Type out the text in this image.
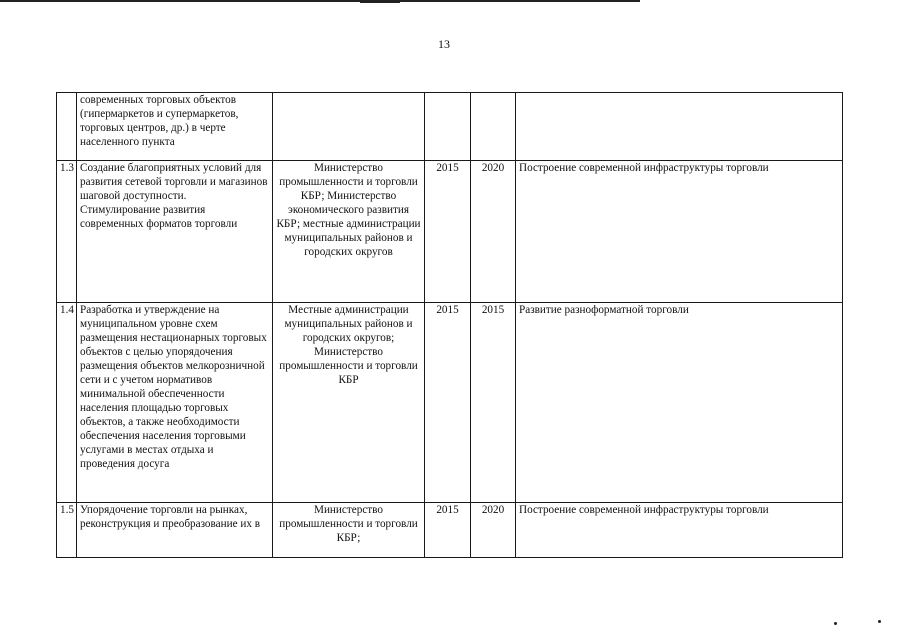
13
	современных торговых объектов (гипермаркетов и супермаркетов, торговых центров, др.) в черте населенного пункта				
1.3	Создание благоприятных условий для развития сетевой торговли и магазинов шаговой доступности. Стимулирование развития современных форматов торговли	Министерство промышленности и торговли КБР; Министерство экономического развития КБР; местные администрации муниципальных районов и городских округов	2015	2020	Построение современной инфраструктуры торговли
1.4	Разработка и утверждение на муниципальном уровне схем размещения нестационарных торговых объектов с целью упорядочения размещения объектов мелкорозничной сети и с учетом нормативов минимальной обеспеченности населения площадью торговых объектов, а также необходимости обеспечения населения торговыми услугами в местах отдыха и проведения досуга	Местные администрации муниципальных районов и городских округов; Министерство промышленности и торговли КБР	2015	2015	Развитие разноформатной торговли
1.5	Упорядочение торговли на рынках, реконструкция и преобразование их в	Министерство промышленности и торговли КБР;	2015	2020	Построение современной инфраструктуры торговли
